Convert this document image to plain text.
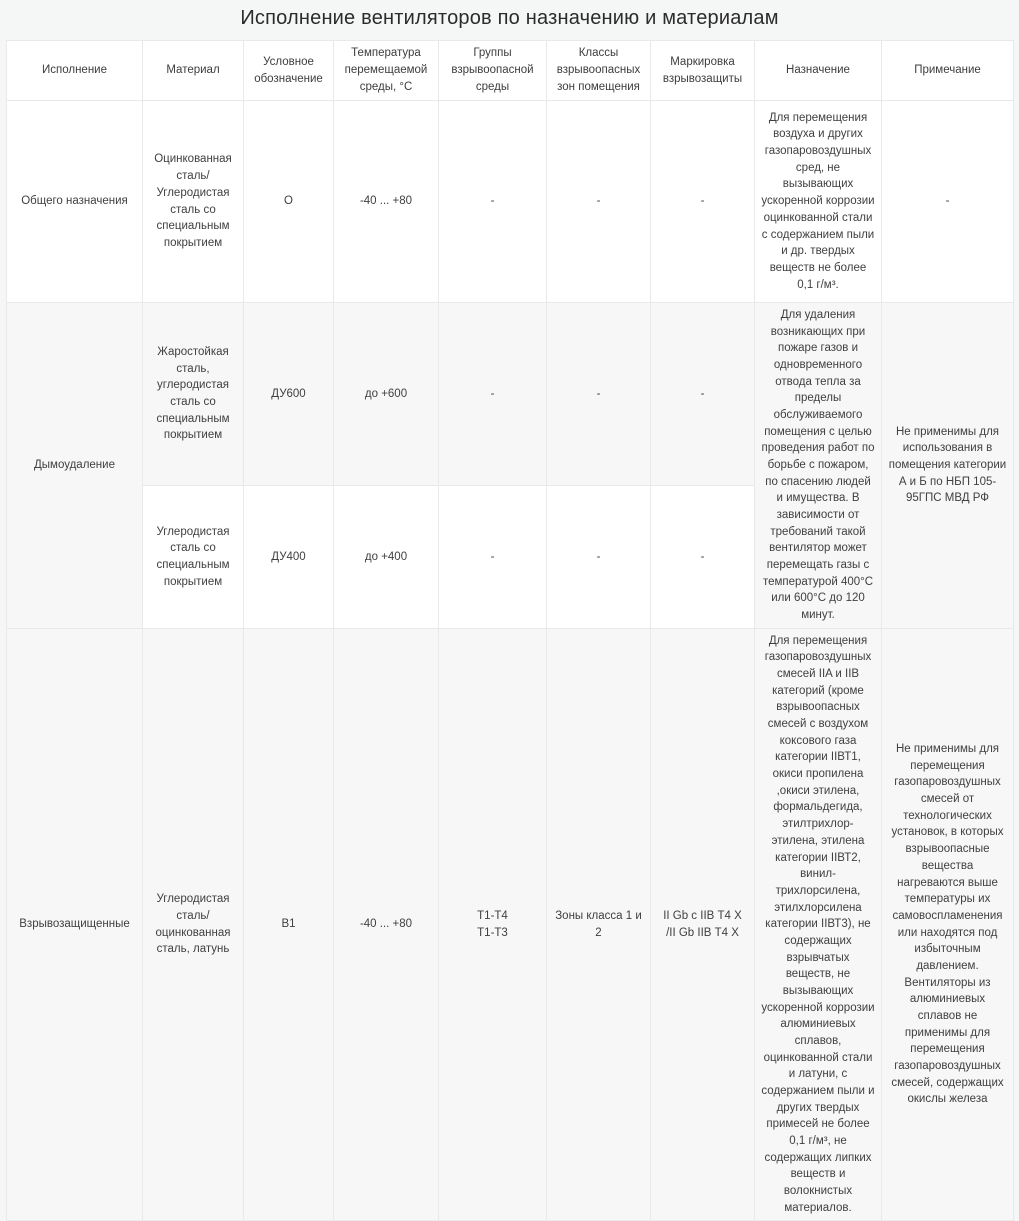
Исполнение вентиляторов по назначению и материалам
Исполнение	Материал	Условное обозначение	Температура перемещаемой среды, °С	Группы взрывоопасной среды	Классы взрывоопасных зон помещения	Маркировка взрывозащиты	Назначение	Примечание
Общего назначения	Оцинкованная сталь/ Углеродистая сталь со специальным покрытием	О	-40 ... +80	-	-	-	Для перемещения воздуха и других газопаровоздушных сред, не вызывающих ускоренной коррозии оцинкованной стали с содержанием пыли и др. твердых веществ не более 0,1 г/м³.	-
Дымоудаление	Жаростойкая сталь, углеродистая сталь со специальным покрытием	ДУ600	до +600	-	-	-	Для удаления возникающих при пожаре газов и одновременного отвода тепла за пределы обслуживаемого помещения с целью проведения работ по борьбе с пожаром, по спасению людей и имущества. В зависимости от требований такой вентилятор может перемещать газы с температурой 400°С или 600°С до 120 минут.	Не применимы для использования в помещения категории А и Б по НБП 105-95ГПС МВД РФ
	Углеродистая сталь со специальным покрытием	ДУ400	до +400	-	-	-		
Взрывозащищенные	Углеродистая сталь/ оцинкованная сталь, латунь	В1	-40 ... +80	Т1-Т4
Т1-Т3	Зоны класса 1 и 2	II Gb c IIB Т4 Х
/II Gb IIB Т4 Х	Для перемещения газопаровоздушных смесей IIA и IIB категорий (кроме взрывоопасных смесей с воздухом коксового газа категории IIВТ1, окиси пропилена ,окиси этилена, формальдегида, этилтрихлор-этилена, этилена категории IIВТ2, винил-трихлорсилена, этилхлорсилена категории IIВТ3), не содержащих взрывчатых веществ, не вызывающих ускоренной коррозии алюминиевых сплавов, оцинкованной стали и латуни, с содержанием пыли и других твердых примесей не более 0,1 г/м³, не содержащих липких веществ и волокнистых материалов.	Не применимы для перемещения газопаровоздушных смесей от технологических установок, в которых взрывоопасные вещества нагреваются выше температуры их самовоспламенения или находятся под избыточным давлением. Вентиляторы из алюминиевых сплавов не применимы для перемещения газопаровоздушных смесей, содержащих окислы железа
